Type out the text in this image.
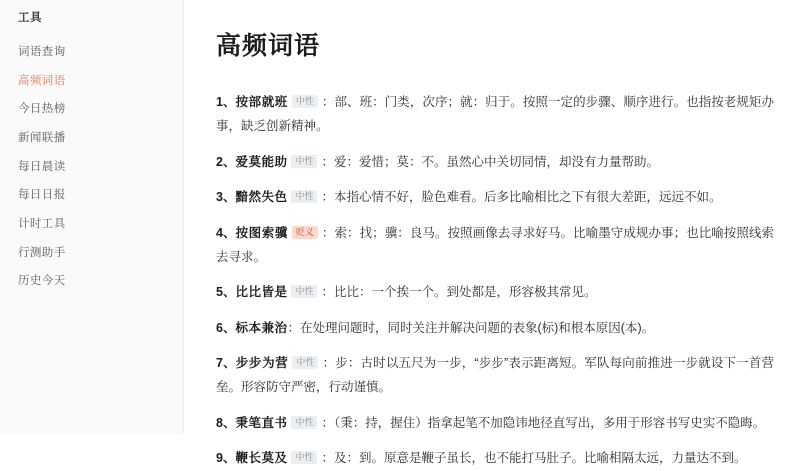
工具
词语查询
高频词语
今日热榜
新闻联播
每日晨读
每日日报
计时工具
行测助手
历史今天
高频词语
1、按部就班 中性 ：部、班：门类，次序；就：归于。按照一定的步骤、顺序进行。也指按老规矩办事，缺乏创新精神。
2、爱莫能助 中性 ：爱：爱惜；莫：不。虽然心中关切同情，却没有力量帮助。
3、黯然失色 中性 ：本指心情不好，脸色难看。后多比喻相比之下有很大差距，远远不如。
4、按图索骥 贬义 ：索：找；骥：良马。按照画像去寻求好马。比喻墨守成规办事；也比喻按照线索去寻求。
5、比比皆是 中性 ：比比：一个挨一个。到处都是，形容极其常见。
6、标本兼治：在处理问题时，同时关注并解决问题的表象(标)和根本原因(本)。
7、步步为营 中性 ：步：古时以五尺为一步，“步步”表示距离短。军队每向前推进一步就设下一首营垒。形容防守严密，行动谨慎。
8、秉笔直书 中性 ：（秉：持，握住）指拿起笔不加隐讳地径直写出，多用于形容书写史实不隐晦。
9、鞭长莫及 中性 ：及：到。原意是鞭子虽长，也不能打马肚子。比喻相隔太远，力量达不到。
